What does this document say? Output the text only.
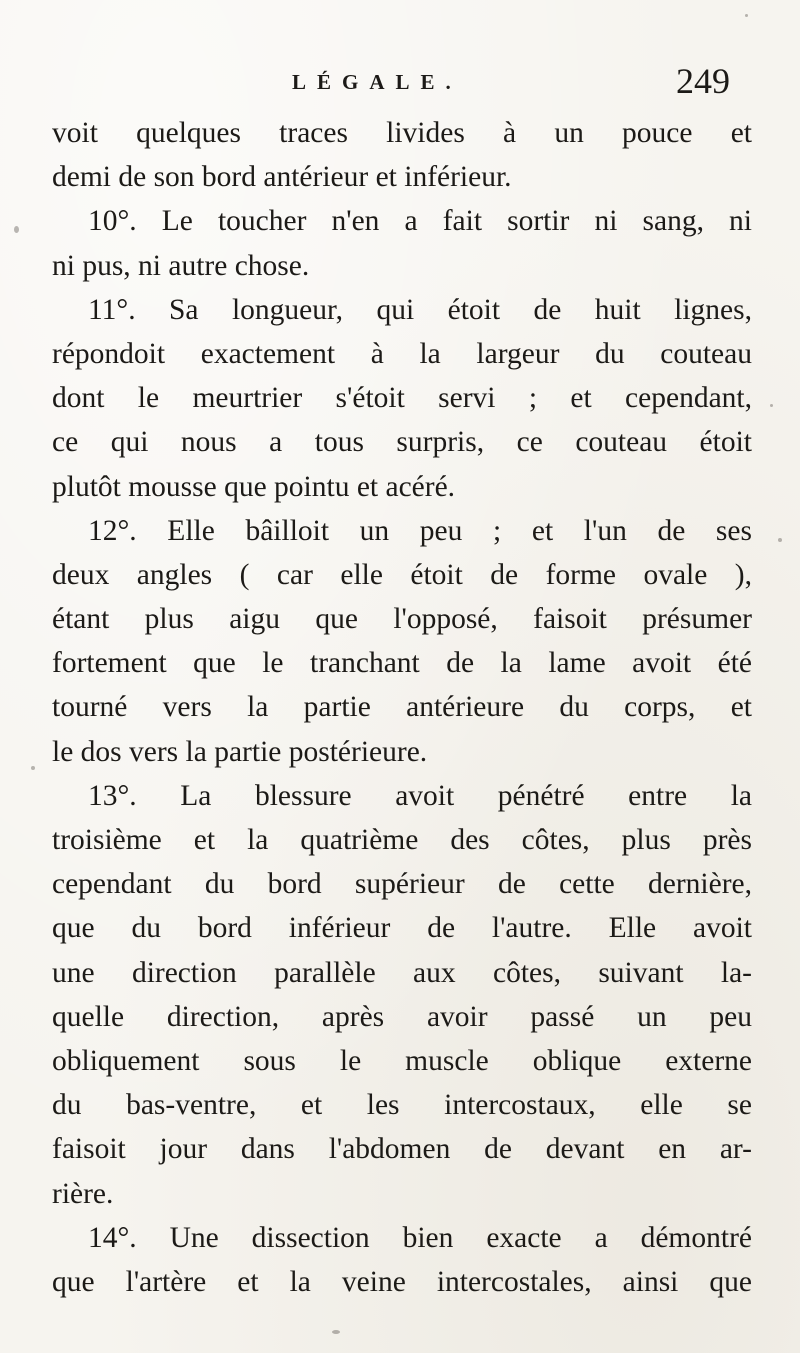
LÉGALE.	249
voit quelques traces livides à un pouce et
demi de son bord antérieur et inférieur.
10°. Le toucher n'en a fait sortir ni sang, ni
ni pus, ni autre chose.
11°. Sa longueur, qui étoit de huit lignes,
répondoit exactement à la largeur du couteau
dont le meurtrier s'étoit servi ; et cependant,
ce qui nous a tous surpris, ce couteau étoit
plutôt mousse que pointu et acéré.
12°. Elle bâilloit un peu ; et l'un de ses
deux angles ( car elle étoit de forme ovale ),
étant plus aigu que l'opposé, faisoit présumer
fortement que le tranchant de la lame avoit été
tourné vers la partie antérieure du corps, et
le dos vers la partie postérieure.
13°. La blessure avoit pénétré entre la
troisième et la quatrième des côtes, plus près
cependant du bord supérieur de cette dernière,
que du bord inférieur de l'autre. Elle avoit
une direction parallèle aux côtes, suivant la-
quelle direction, après avoir passé un peu
obliquement sous le muscle oblique externe
du bas-ventre, et les intercostaux, elle se
faisoit jour dans l'abdomen de devant en ar-
rière.
14°. Une dissection bien exacte a démontré
que l'artère et la veine intercostales, ainsi que
